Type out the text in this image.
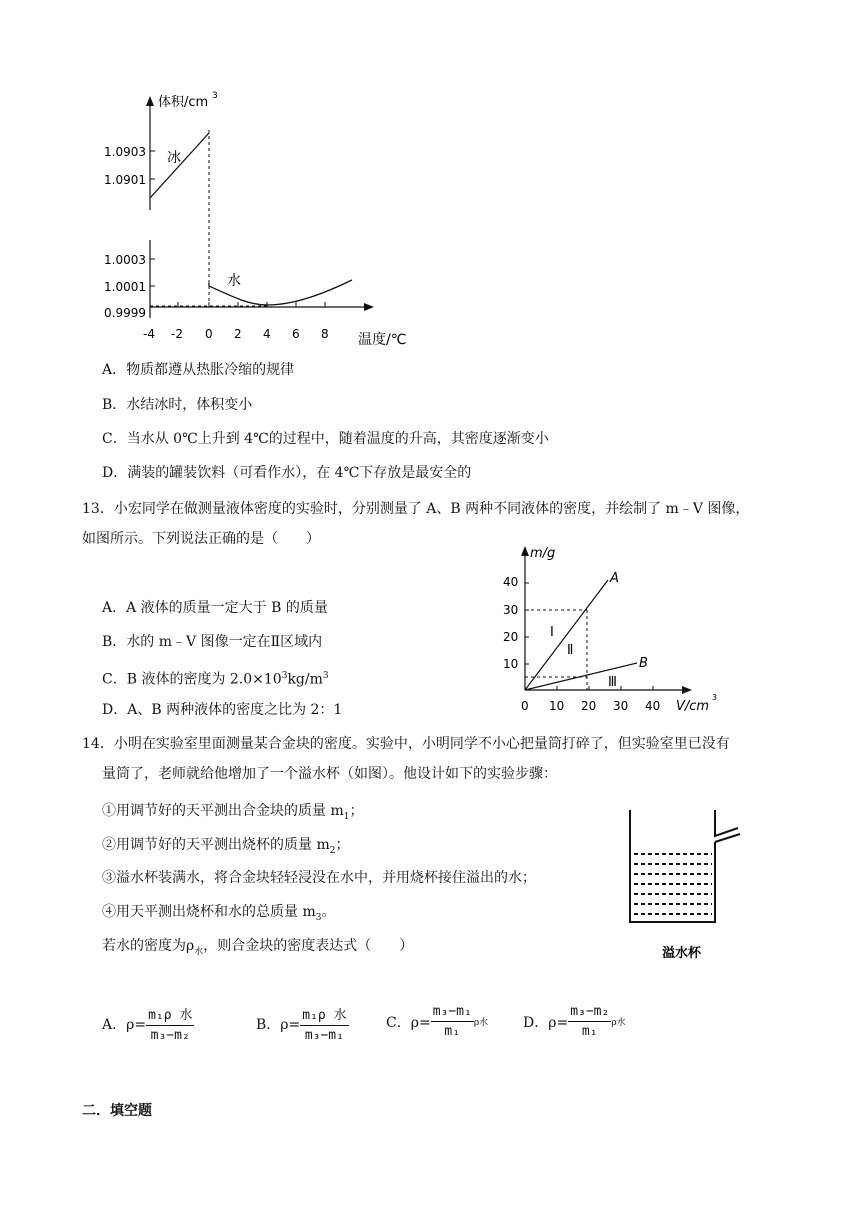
体积/cm 3
1.0903
1.0901
1.0003
1.0001
0.9999
-4 -2 0 2 4 6 8 温度/℃
冰
水
A．物质都遵从热胀冷缩的规律
B．水结冰时，体积变小
C．当水从 0℃上升到 4℃的过程中，随着温度的升高，其密度逐渐变小
D．满装的罐装饮料（可看作水），在 4℃下存放是最安全的
13．小宏同学在做测量液体密度的实验时，分别测量了 A、B 两种不同液体的密度，并绘制了 m﹣V 图像，
如图所示。下列说法正确的是（　　）
A．A 液体的质量一定大于 B 的质量
B．水的 m﹣V 图像一定在Ⅱ区域内
C．B 液体的密度为 $2.0\times 10^3kg/m^3$
D．A、B 两种液体的密度之比为 2：1
m/g
40
30
20
10
0 10 20 30 40 V/cm
3
A
B
Ⅰ
Ⅱ
Ⅲ
14．小明在实验室里面测量某合金块的密度。实验中，小明同学不小心把量筒打碎了，但实验室里已没有
量筒了，老师就给他增加了一个溢水杯（如图）。他设计如下的实验步骤：
①用调节好的天平测出合金块的质量 $m_1$；
②用调节好的天平测出烧杯的质量 $m_2$；
③溢水杯装满水，将合金块轻轻浸没在水中，并用烧杯接住溢出的水；
④用天平测出烧杯和水的总质量 $m_3$。
若水的密度为$\rho_水$，则合金块的密度表达式（　　）	溢水杯
A．$\rho= \frac{\text{m₁ρ 水}}{\text{m₃−m₂}}$	B．$\rho= \frac{\text{m₁ρ 水}}{\text{m₃−m₁}}$	C．$\rho= \frac{\text{m₃−m₁}}{\text{m₁}}$ ρ水 D．$\rho= \frac{\text{m₃−m₂}}{\text{m₁}}$ ρ水
二．填空题
